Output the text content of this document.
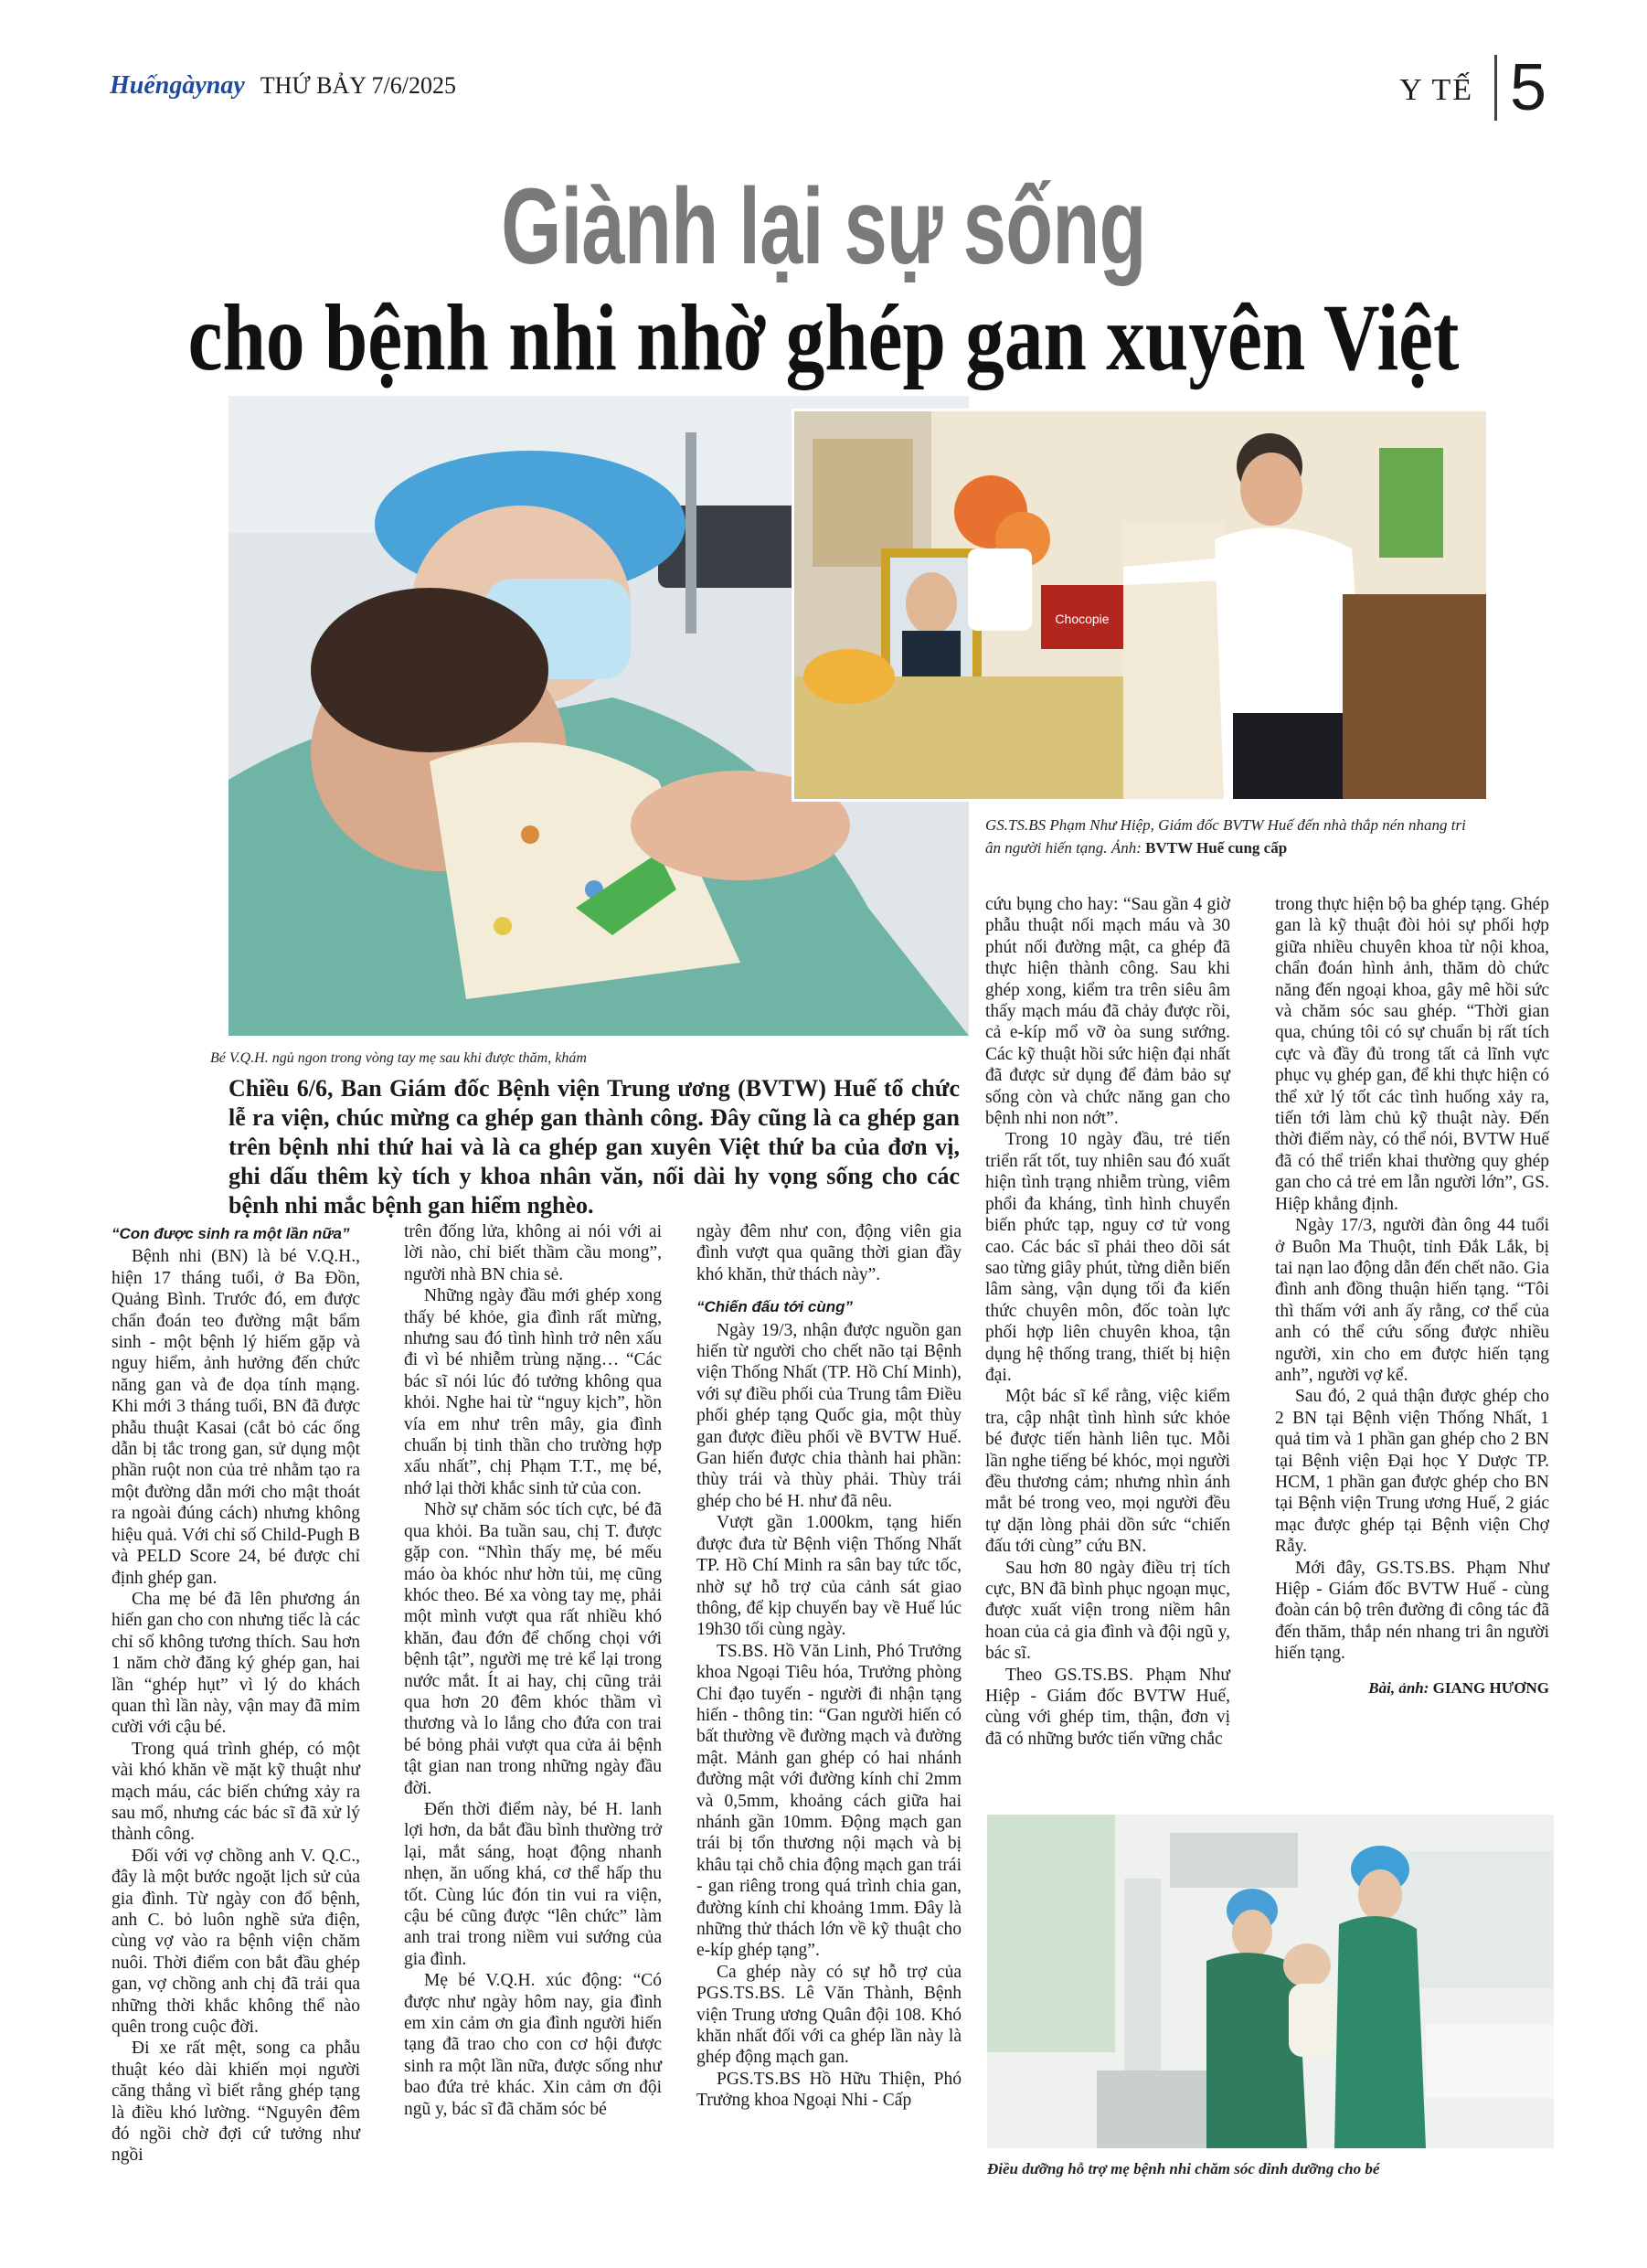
Huếngàynay THỨ BẢY 7/6/2025	Y TẾ 5
Giành lại sự sống
cho bệnh nhi nhờ ghép gan xuyên Việt
Chocopie
GS.TS.BS Phạm Như Hiệp, Giám đốc BVTW Huế đến nhà thắp nén nhang tri ân người hiến tạng. Ảnh: BVTW Huế cung cấp
Bé V.Q.H. ngủ ngon trong vòng tay mẹ sau khi được thăm, khám
Chiều 6/6, Ban Giám đốc Bệnh viện Trung ương (BVTW) Huế tổ chức lễ ra viện, chúc mừng ca ghép gan thành công. Đây cũng là ca ghép gan trên bệnh nhi thứ hai và là ca ghép gan xuyên Việt thứ ba của đơn vị, ghi dấu thêm kỳ tích y khoa nhân văn, nối dài hy vọng sống cho các bệnh nhi mắc bệnh gan hiểm nghèo.
“Con được sinh ra một lần nữa”

Bệnh nhi (BN) là bé V.Q.H., hiện 17 tháng tuổi, ở Ba Đồn, Quảng Bình. Trước đó, em được chẩn đoán teo đường mật bẩm sinh - một bệnh lý hiếm gặp và nguy hiểm, ảnh hưởng đến chức năng gan và đe dọa tính mạng. Khi mới 3 tháng tuổi, BN đã được phẫu thuật Kasai (cắt bỏ các ống dẫn bị tắc trong gan, sử dụng một phần ruột non của trẻ nhằm tạo ra một đường dẫn mới cho mật thoát ra ngoài đúng cách) nhưng không hiệu quả. Với chỉ số Child-Pugh B và PELD Score 24, bé được chỉ định ghép gan.

Cha mẹ bé đã lên phương án hiến gan cho con nhưng tiếc là các chỉ số không tương thích. Sau hơn 1 năm chờ đăng ký ghép gan, hai lần “ghép hụt” vì lý do khách quan thì lần này, vận may đã mỉm cười với cậu bé.

Trong quá trình ghép, có một vài khó khăn về mặt kỹ thuật như mạch máu, các biến chứng xảy ra sau mổ, nhưng các bác sĩ đã xử lý thành công.

Đối với vợ chồng anh V. Q.C., đây là một bước ngoặt lịch sử của gia đình. Từ ngày con đổ bệnh, anh C. bỏ luôn nghề sửa điện, cùng vợ vào ra bệnh viện chăm nuôi. Thời điểm con bắt đầu ghép gan, vợ chồng anh chị đã trải qua những thời khắc không thể nào quên trong cuộc đời.

Đi xe rất mệt, song ca phẫu thuật kéo dài khiến mọi người căng thẳng vì biết rằng ghép tạng là điều khó lường. “Nguyên đêm đó ngồi chờ đợi cứ tưởng như ngồi

trên đống lửa, không ai nói với ai lời nào, chỉ biết thầm cầu mong”, người nhà BN chia sẻ.

Những ngày đầu mới ghép xong thấy bé khỏe, gia đình rất mừng, nhưng sau đó tình hình trở nên xấu đi vì bé nhiễm trùng nặng… “Các bác sĩ nói lúc đó tưởng không qua khỏi. Nghe hai từ “nguy kịch”, hồn vía em như trên mây, gia đình chuẩn bị tinh thần cho trường hợp xấu nhất”, chị Phạm T.T., mẹ bé, nhớ lại thời khắc sinh tử của con.

Nhờ sự chăm sóc tích cực, bé đã qua khỏi. Ba tuần sau, chị T. được gặp con. “Nhìn thấy mẹ, bé mếu máo òa khóc như hờn tủi, mẹ cũng khóc theo. Bé xa vòng tay mẹ, phải một mình vượt qua rất nhiều khó khăn, đau đớn để chống chọi với bệnh tật”, người mẹ trẻ kể lại trong nước mắt. Ít ai hay, chị cũng trải qua hơn 20 đêm khóc thầm vì thương và lo lắng cho đứa con trai bé bỏng phải vượt qua cửa ải bệnh tật gian nan trong những ngày đầu đời.

Đến thời điểm này, bé H. lanh lợi hơn, da bắt đầu bình thường trở lại, mắt sáng, hoạt động nhanh nhẹn, ăn uống khá, cơ thể hấp thu tốt. Cùng lúc đón tin vui ra viện, cậu bé cũng được “lên chức” làm anh trai trong niềm vui sướng của gia đình.

Mẹ bé V.Q.H. xúc động: “Có được như ngày hôm nay, gia đình em xin cảm ơn gia đình người hiến tạng đã trao cho con cơ hội được sinh ra một lần nữa, được sống như bao đứa trẻ khác. Xin cảm ơn đội ngũ y, bác sĩ đã chăm sóc bé

ngày đêm như con, động viên gia đình vượt qua quãng thời gian đầy khó khăn, thử thách này”.

“Chiến đấu tới cùng”

Ngày 19/3, nhận được nguồn gan hiến từ người cho chết não tại Bệnh viện Thống Nhất (TP. Hồ Chí Minh), với sự điều phối của Trung tâm Điều phối ghép tạng Quốc gia, một thùy gan được điều phối về BVTW Huế. Gan hiến được chia thành hai phần: thùy trái và thùy phải. Thùy trái ghép cho bé H. như đã nêu.

Vượt gần 1.000km, tạng hiến được đưa từ Bệnh viện Thống Nhất TP. Hồ Chí Minh ra sân bay tức tốc, nhờ sự hỗ trợ của cảnh sát giao thông, để kịp chuyến bay về Huế lúc 19h30 tối cùng ngày.

TS.BS. Hồ Văn Linh, Phó Trưởng khoa Ngoại Tiêu hóa, Trưởng phòng Chỉ đạo tuyến - người đi nhận tạng hiến - thông tin: “Gan người hiến có bất thường về đường mạch và đường mật. Mảnh gan ghép có hai nhánh đường mật với đường kính chỉ 2mm và 0,5mm, khoảng cách giữa hai nhánh gần 10mm. Động mạch gan trái bị tổn thương nội mạch và bị khâu tại chỗ chia động mạch gan trái - gan riêng trong quá trình chia gan, đường kính chỉ khoảng 1mm. Đây là những thử thách lớn về kỹ thuật cho e-kíp ghép tạng”.

Ca ghép này có sự hỗ trợ của PGS.TS.BS. Lê Văn Thành, Bệnh viện Trung ương Quân đội 108. Khó khăn nhất đối với ca ghép lần này là ghép động mạch gan.

PGS.TS.BS Hồ Hữu Thiện, Phó Trưởng khoa Ngoại Nhi - Cấp

cứu bụng cho hay: “Sau gần 4 giờ phẫu thuật nối mạch máu và 30 phút nối đường mật, ca ghép đã thực hiện thành công. Sau khi ghép xong, kiểm tra trên siêu âm thấy mạch máu đã chảy được rồi, cả e-kíp mổ vỡ òa sung sướng. Các kỹ thuật hồi sức hiện đại nhất đã được sử dụng để đảm bảo sự sống còn và chức năng gan cho bệnh nhi non nớt”.

Trong 10 ngày đầu, trẻ tiến triển rất tốt, tuy nhiên sau đó xuất hiện tình trạng nhiễm trùng, viêm phổi đa kháng, tình hình chuyển biến phức tạp, nguy cơ tử vong cao. Các bác sĩ phải theo dõi sát sao từng giây phút, từng diễn biến lâm sàng, vận dụng tối đa kiến thức chuyên môn, đốc toàn lực phối hợp liên chuyên khoa, tận dụng hệ thống trang, thiết bị hiện đại.

Một bác sĩ kể rằng, việc kiểm tra, cập nhật tình hình sức khỏe bé được tiến hành liên tục. Mỗi lần nghe tiếng bé khóc, mọi người đều thương cảm; nhưng nhìn ánh mắt bé trong veo, mọi người đều tự dặn lòng phải dồn sức “chiến đấu tới cùng” cứu BN.

Sau hơn 80 ngày điều trị tích cực, BN đã bình phục ngoạn mục, được xuất viện trong niềm hân hoan của cả gia đình và đội ngũ y, bác sĩ.

Theo GS.TS.BS. Phạm Như Hiệp - Giám đốc BVTW Huế, cùng với ghép tim, thận, đơn vị đã có những bước tiến vững chắc

trong thực hiện bộ ba ghép tạng. Ghép gan là kỹ thuật đòi hỏi sự phối hợp giữa nhiều chuyên khoa từ nội khoa, chẩn đoán hình ảnh, thăm dò chức năng đến ngoại khoa, gây mê hồi sức và chăm sóc sau ghép. “Thời gian qua, chúng tôi có sự chuẩn bị rất tích cực và đầy đủ trong tất cả lĩnh vực phục vụ ghép gan, để khi thực hiện có thể xử lý tốt các tình huống xảy ra, tiến tới làm chủ kỹ thuật này. Đến thời điểm này, có thể nói, BVTW Huế đã có thể triển khai thường quy ghép gan cho cả trẻ em lẫn người lớn”, GS. Hiệp khẳng định.

Ngày 17/3, người đàn ông 44 tuổi ở Buôn Ma Thuột, tỉnh Đắk Lắk, bị tai nạn lao động dẫn đến chết não. Gia đình anh đồng thuận hiến tạng. “Tôi thì thấm với anh ấy rằng, cơ thể của anh có thể cứu sống được nhiều người, xin cho em được hiến tạng anh”, người vợ kể.

Sau đó, 2 quả thận được ghép cho 2 BN tại Bệnh viện Thống Nhất, 1 quả tim và 1 phần gan ghép cho 2 BN tại Bệnh viện Đại học Y Dược TP. HCM, 1 phần gan được ghép cho BN tại Bệnh viện Trung ương Huế, 2 giác mạc được ghép tại Bệnh viện Chợ Rẫy.

Mới đây, GS.TS.BS. Phạm Như Hiệp - Giám đốc BVTW Huế - cùng đoàn cán bộ trên đường đi công tác đã đến thăm, thắp nén nhang tri ân người hiến tạng.

Bài, ảnh: GIANG HƯƠNG
Điều dưỡng hỗ trợ mẹ bệnh nhi chăm sóc dinh dưỡng cho bé
